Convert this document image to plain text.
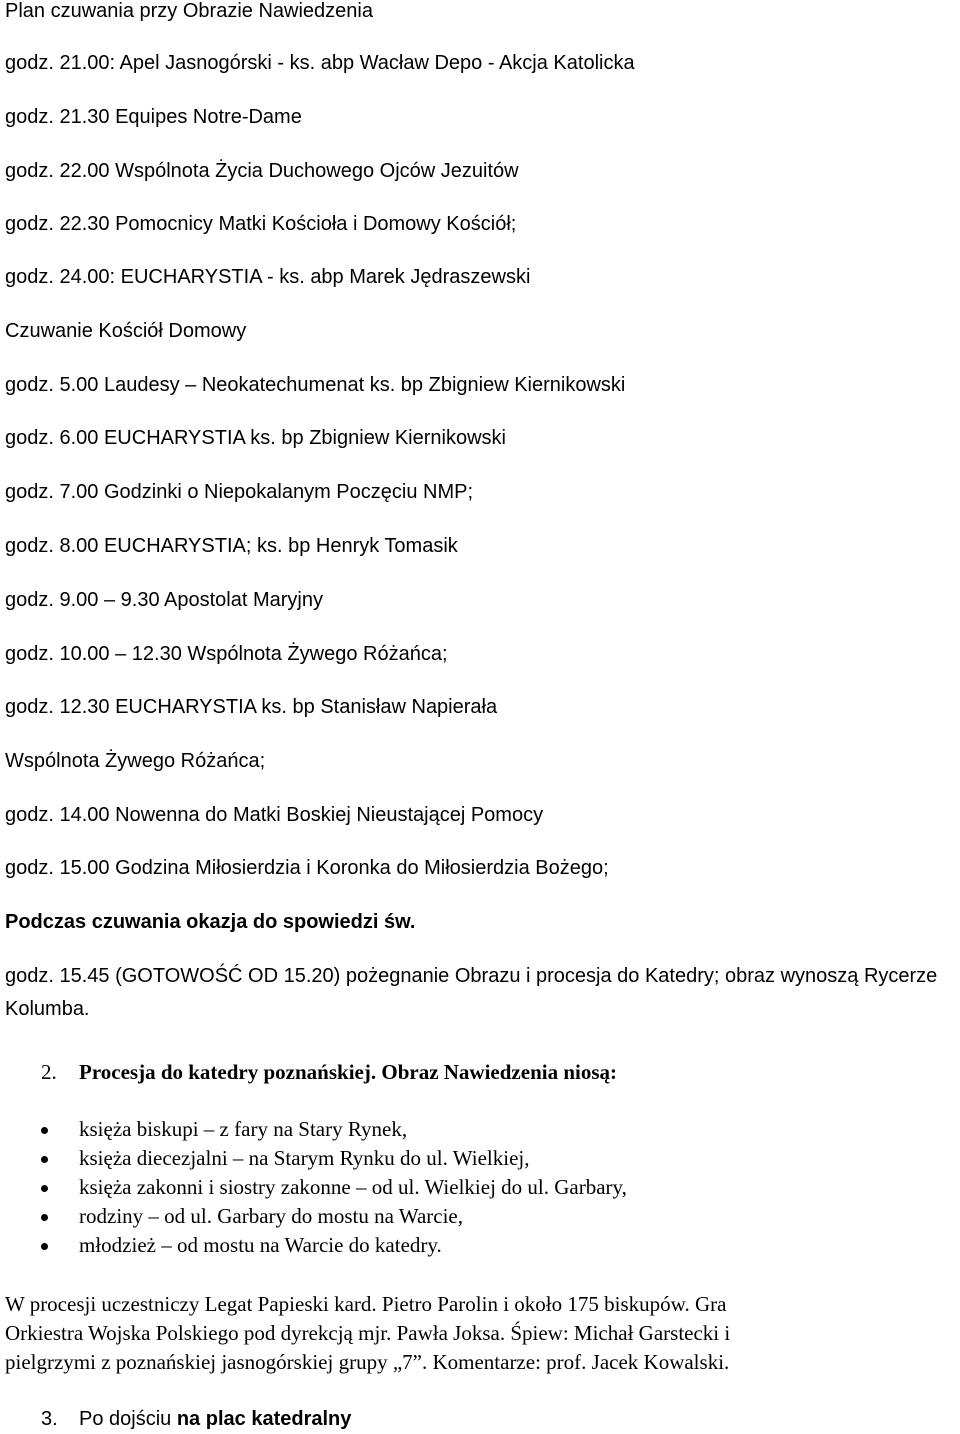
Plan czuwania przy Obrazie Nawiedzenia
godz. 21.00: Apel Jasnogórski - ks. abp Wacław Depo - Akcja Katolicka
godz. 21.30 Equipes Notre-Dame
godz. 22.00 Wspólnota Życia Duchowego Ojców Jezuitów
godz. 22.30 Pomocnicy Matki Kościoła i Domowy Kościół;
godz. 24.00: EUCHARYSTIA - ks. abp Marek Jędraszewski
Czuwanie Kościół Domowy
godz. 5.00 Laudesy – Neokatechumenat ks. bp Zbigniew Kiernikowski
godz. 6.00 EUCHARYSTIA ks. bp Zbigniew Kiernikowski
godz. 7.00 Godzinki o Niepokalanym Poczęciu NMP;
godz. 8.00 EUCHARYSTIA; ks. bp Henryk Tomasik
godz. 9.00 – 9.30 Apostolat Maryjny
godz. 10.00 – 12.30 Wspólnota Żywego Różańca;
godz. 12.30 EUCHARYSTIA ks. bp Stanisław Napierała
Wspólnota Żywego Różańca;
godz. 14.00 Nowenna do Matki Boskiej Nieustającej Pomocy
godz. 15.00 Godzina Miłosierdzia i Koronka do Miłosierdzia Bożego;
Podczas czuwania okazja do spowiedzi św.
godz. 15.45 (GOTOWOŚĆ OD 15.20) pożegnanie Obrazu i procesja do Katedry; obraz wynoszą Rycerze
Kolumba.
2. Procesja do katedry poznańskiej. Obraz Nawiedzenia niosą:
księża biskupi – z fary na Stary Rynek,
księża diecezjalni – na Starym Rynku do ul. Wielkiej,
księża zakonni i siostry zakonne – od ul. Wielkiej do ul. Garbary,
rodziny – od ul. Garbary do mostu na Warcie,
młodzież – od mostu na Warcie do katedry.
W procesji uczestniczy Legat Papieski kard. Pietro Parolin i około 175 biskupów. Gra
Orkiestra Wojska Polskiego pod dyrekcją mjr. Pawła Joksa. Śpiew: Michał Garstecki i
pielgrzymi z poznańskiej jasnogórskiej grupy „7”. Komentarze: prof. Jacek Kowalski.
3. Po dojściu na plac katedralny
